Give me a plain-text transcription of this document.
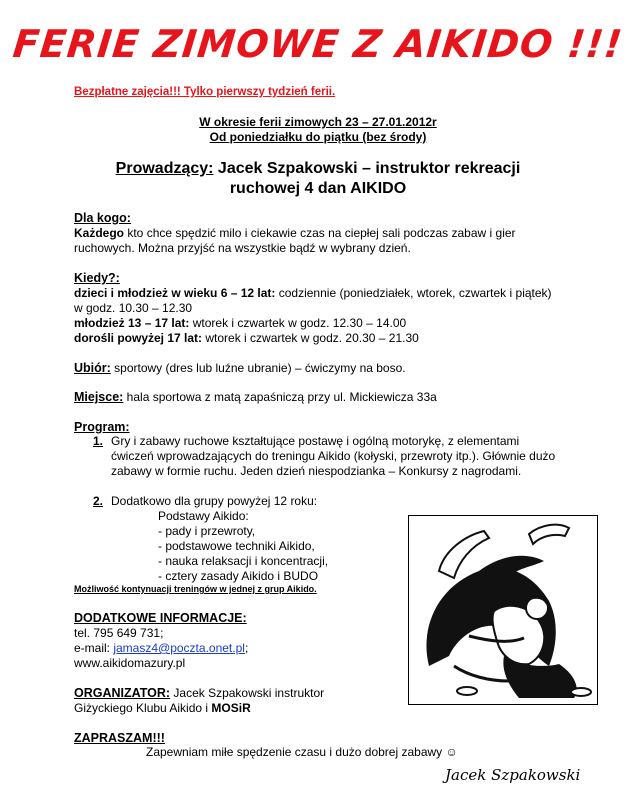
FERIE ZIMOWE Z AIKIDO !!!
Bezpłatne zajęcia!!! Tylko pierwszy tydzień ferii.
W okresie ferii zimowych 23 – 27.01.2012r
Od poniedziałku do piątku (bez środy)
Prowadzący: Jacek Szpakowski – instruktor rekreacji
ruchowej 4 dan AIKIDO
Dla kogo:
Każdego kto chce spędzić milo i ciekawie czas na ciepłej sali podczas zabaw i gier ruchowych. Można przyjść na wszystkie bądź w wybrany dzień.
Kiedy?:
dzieci i młodzież w wieku 6 – 12 lat: codziennie (poniedziałek, wtorek, czwartek i piątek) w godz. 10.30 – 12.30
młodzież 13 – 17 lat: wtorek i czwartek w godz. 12.30 – 14.00
dorośli powyżej 17 lat: wtorek i czwartek w godz. 20.30 – 21.30
Ubiór: sportowy (dres lub luźne ubranie) – ćwiczymy na boso.
Miejsce: hala sportowa z matą zapaśniczą przy ul. Mickiewicza 33a
Program:
1. Gry i zabawy ruchowe kształtujące postawę i ogólną motorykę, z elementami ćwiczeń wprowadzających do treningu Aikido (kołyski, przewroty itp.). Głównie dużo zabawy w formie ruchu. Jeden dzień niespodzianka – Konkursy z nagrodami.
2. Dodatkowo dla grupy powyżej 12 roku:
Podstawy Aikido:
- pady i przewroty,
- podstawowe techniki Aikido,
- nauka relaksacji i koncentracji,
- cztery zasady Aikido i BUDO
Możliwość kontynuacji treningów w jednej z grup Aikido.
DODATKOWE INFORMACJE:
tel. 795 649 731;
e-mail: jamasz4@poczta.onet.pl;
www.aikidomazury.pl
ORGANIZATOR: Jacek Szpakowski instruktor
Giżyckiego Klubu Aikido i MOSiR
ZAPRASZAM!!!
Zapewniam miłe spędzenie czasu i dużo dobrej zabawy ☺
Jacek Szpakowski
